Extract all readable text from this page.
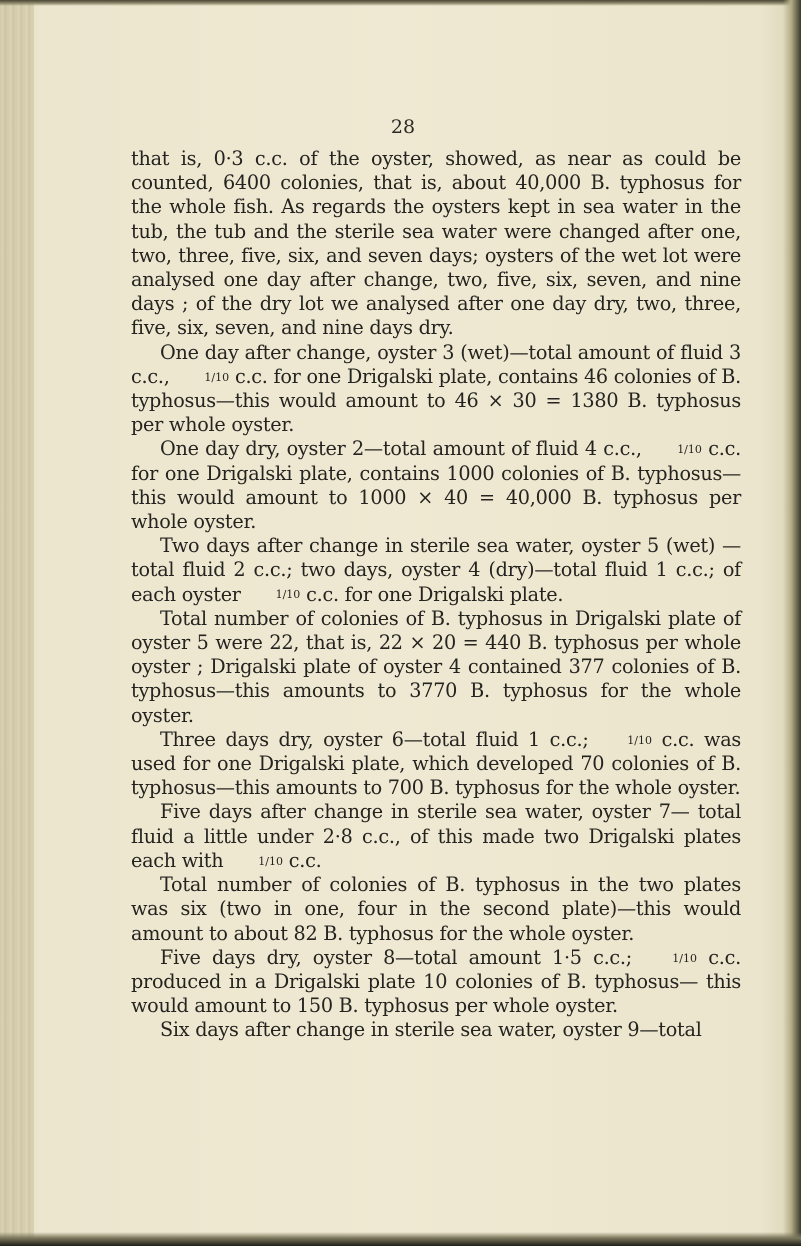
28

that is, 0·3 c.c. of the oyster, showed, as near as could be counted, 6400 colonies, that is, about 40,000 B. typhosus for the whole fish. As regards the oysters kept in sea water in the tub, the tub and the sterile sea water were changed after one, two, three, five, six, and seven days; oysters of the wet lot were analysed one day after change, two, five, six, seven, and nine days ; of the dry lot we analysed after one day dry, two, three, five, six, seven, and nine days dry.

One day after change, oyster 3 (wet)—total amount of fluid 3 c.c.,	1/10 c.c. for one Drigalski plate, contains 46 colonies of B. typhosus—this would amount to 46 × 30 = 1380 B. typhosus per whole oyster.

One day dry, oyster 2—total amount of fluid 4 c.c.,	1/10 c.c. for one Drigalski plate, contains 1000 colonies of B. typhosus—this would amount to 1000 × 40 = 40,000 B. typhosus per whole oyster.

Two days after change in sterile sea water, oyster 5 (wet) —total fluid 2 c.c.; two days, oyster 4 (dry)—total fluid 1 c.c.; of each oyster	1/10 c.c. for one Drigalski plate.

Total number of colonies of B. typhosus in Drigalski plate of oyster 5 were 22, that is, 22 × 20 = 440 B. typhosus per whole oyster ; Drigalski plate of oyster 4 contained 377 colonies of B. typhosus—this amounts to 3770 B. typhosus for the whole oyster.

Three days dry, oyster 6—total fluid 1 c.c.;	1/10 c.c. was used for one Drigalski plate, which developed 70 colonies of B. typhosus—this amounts to 700 B. typhosus for the whole oyster.

Five days after change in sterile sea water, oyster 7— total fluid a little under 2·8 c.c., of this made two Drigalski plates each with	1/10 c.c.

Total number of colonies of B. typhosus in the two plates was six (two in one, four in the second plate)—this would amount to about 82 B. typhosus for the whole oyster.

Five days dry, oyster 8—total amount 1·5 c.c.;	1/10 c.c. produced in a Drigalski plate 10 colonies of B. typhosus— this would amount to 150 B. typhosus per whole oyster.

Six days after change in sterile sea water, oyster 9—total
